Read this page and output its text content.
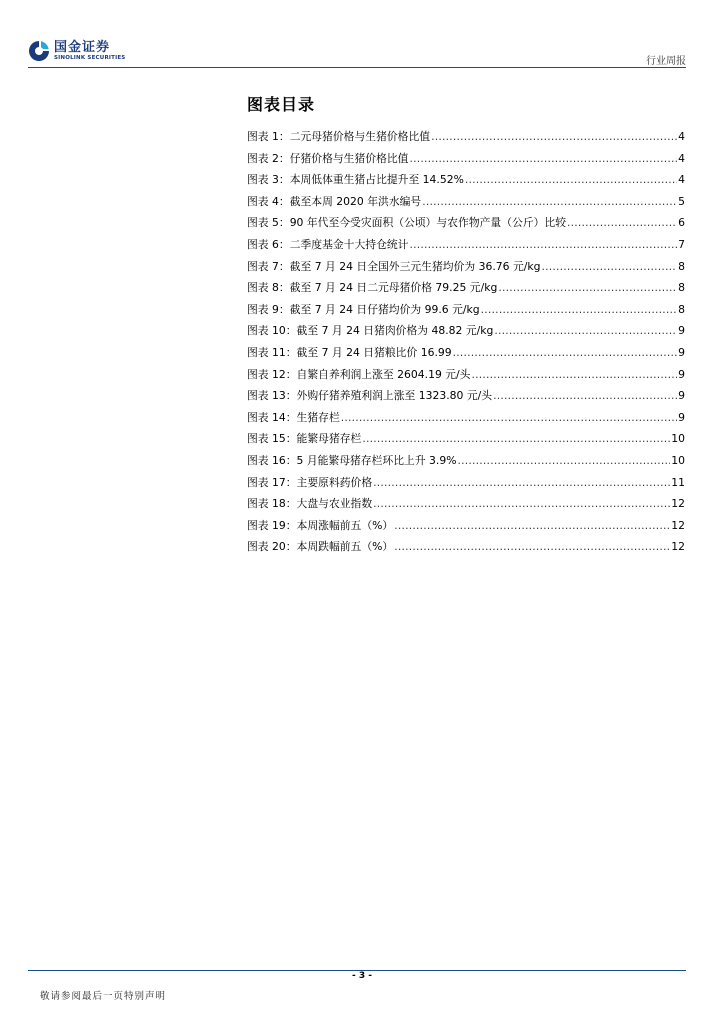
国金证券
SINOLINK SECURITIES	行业周报
图表目录
图表 1：二元母猪价格与生猪价格比值 .....	4
图表 2：仔猪价格与生猪价格比值 .....	4
图表 3：本周低体重生猪占比提升至 14.52% .....	4
图表 4：截至本周 2020 年洪水编号 .....	5
图表 5：90 年代至今受灾面积（公顷）与农作物产量（公斤）比较 .....	6
图表 6：二季度基金十大持仓统计 .....	7
图表 7：截至 7 月 24 日全国外三元生猪均价为 36.76 元/kg .....	8
图表 8：截至 7 月 24 日二元母猪价格 79.25 元/kg .....	8
图表 9：截至 7 月 24 日仔猪均价为 99.6 元/kg .....	8
图表 10：截至 7 月 24 日猪肉价格为 48.82 元/kg .....	9
图表 11：截至 7 月 24 日猪粮比价 16.99 .....	9
图表 12：自繁自养利润上涨至 2604.19 元/头 .....	9
图表 13：外购仔猪养殖利润上涨至 1323.80 元/头 .....	9
图表 14：生猪存栏 .....	9
图表 15：能繁母猪存栏 .....	10
图表 16：5 月能繁母猪存栏环比上升 3.9% .....	10
图表 17：主要原料药价格 .....	11
图表 18：大盘与农业指数 .....	12
图表 19：本周涨幅前五（%） .....	12
图表 20：本周跌幅前五（%） .....	12
- 3 -
敬请参阅最后一页特别声明
